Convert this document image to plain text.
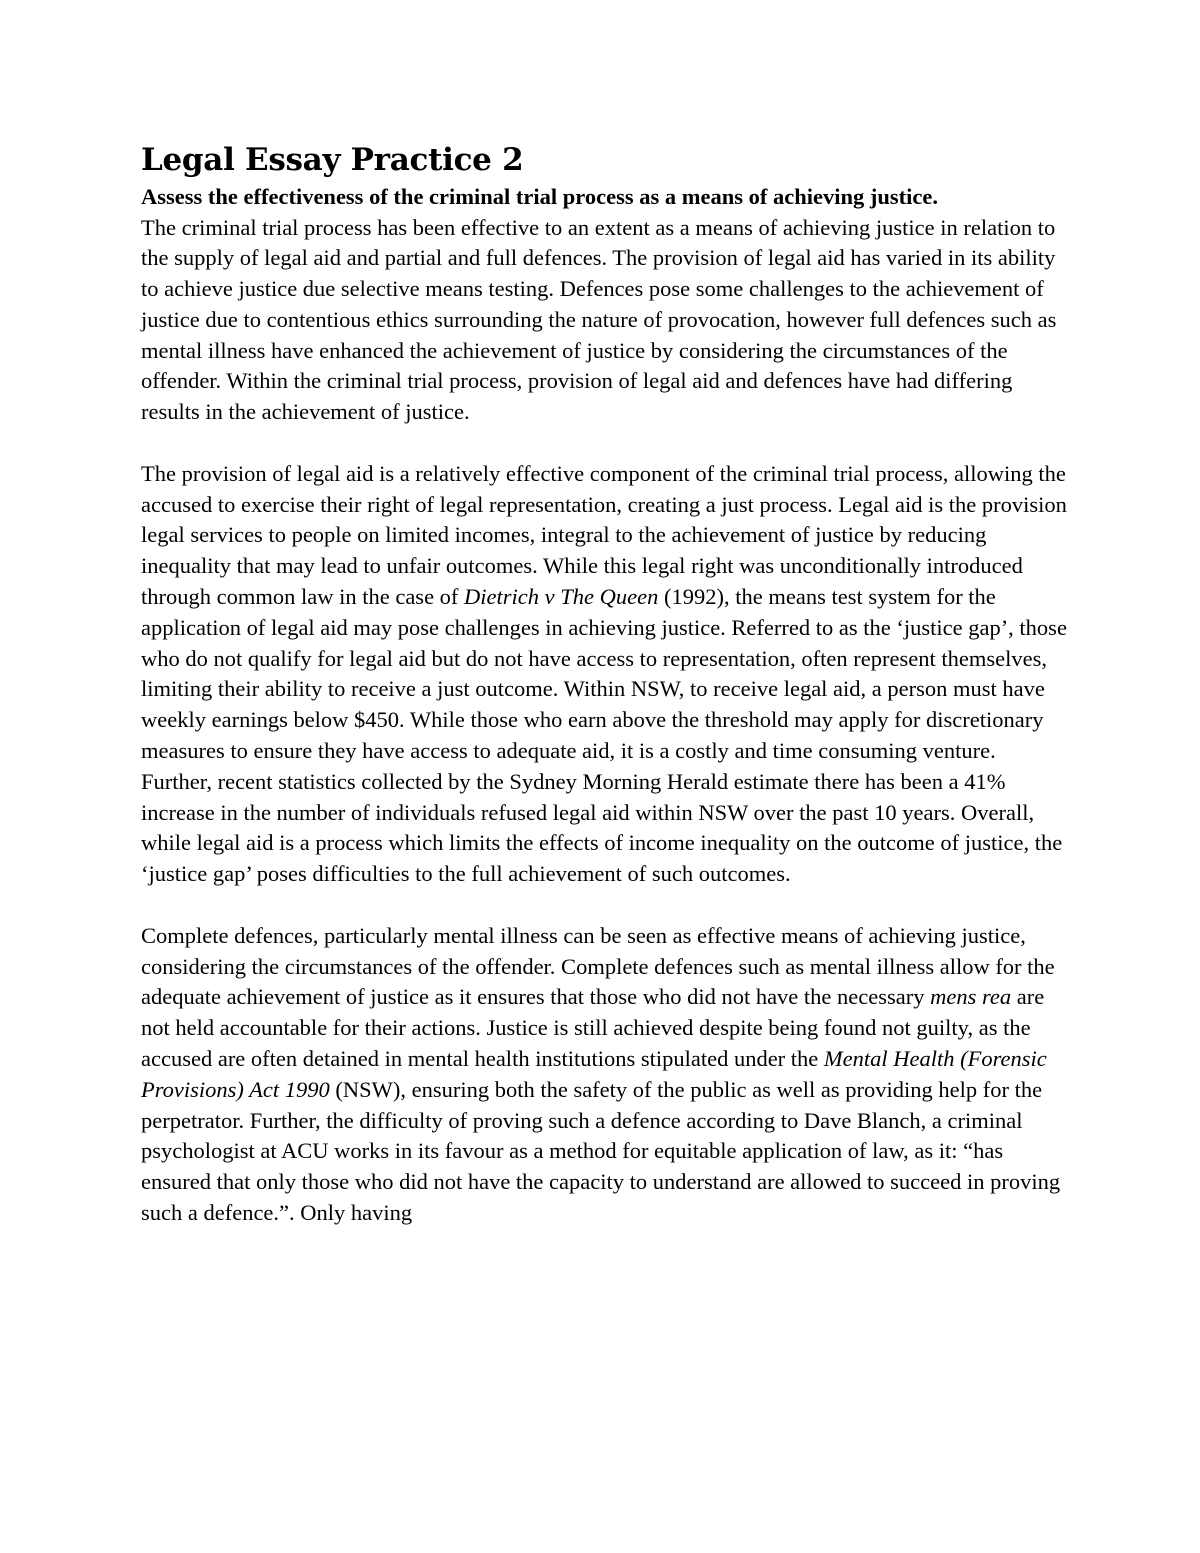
Legal Essay Practice 2

Assess the effectiveness of the criminal trial process as a means of achieving justice.

The criminal trial process has been effective to an extent as a means of achieving justice in relation to the supply of legal aid and partial and full defences. The provision of legal aid has varied in its ability to achieve justice due selective means testing. Defences pose some challenges to the achievement of justice due to contentious ethics surrounding the nature of provocation, however full defences such as mental illness have enhanced the achievement of justice by considering the circumstances of the offender. Within the criminal trial process, provision of legal aid and defences have had differing results in the achievement of justice.

The provision of legal aid is a relatively effective component of the criminal trial process, allowing the accused to exercise their right of legal representation, creating a just process. Legal aid is the provision legal services to people on limited incomes, integral to the achievement of justice by reducing inequality that may lead to unfair outcomes. While this legal right was unconditionally introduced through common law in the case of Dietrich v The Queen (1992), the means test system for the application of legal aid may pose challenges in achieving justice. Referred to as the ‘justice gap’, those who do not qualify for legal aid but do not have access to representation, often represent themselves, limiting their ability to receive a just outcome. Within NSW, to receive legal aid, a person must have weekly earnings below $450. While those who earn above the threshold may apply for discretionary measures to ensure they have access to adequate aid, it is a costly and time consuming venture. Further, recent statistics collected by the Sydney Morning Herald estimate there has been a 41% increase in the number of individuals refused legal aid within NSW over the past 10 years. Overall, while legal aid is a process which limits the effects of income inequality on the outcome of justice, the ‘justice gap’ poses difficulties to the full achievement of such outcomes.

Complete defences, particularly mental illness can be seen as effective means of achieving justice, considering the circumstances of the offender. Complete defences such as mental illness allow for the adequate achievement of justice as it ensures that those who did not have the necessary mens rea are not held accountable for their actions. Justice is still achieved despite being found not guilty, as the accused are often detained in mental health institutions stipulated under the Mental Health (Forensic Provisions) Act 1990 (NSW), ensuring both the safety of the public as well as providing help for the perpetrator. Further, the difficulty of proving such a defence according to Dave Blanch, a criminal psychologist at ACU works in its favour as a method for equitable application of law, as it: “has ensured that only those who did not have the capacity to understand are allowed to succeed in proving such a defence.”. Only having
